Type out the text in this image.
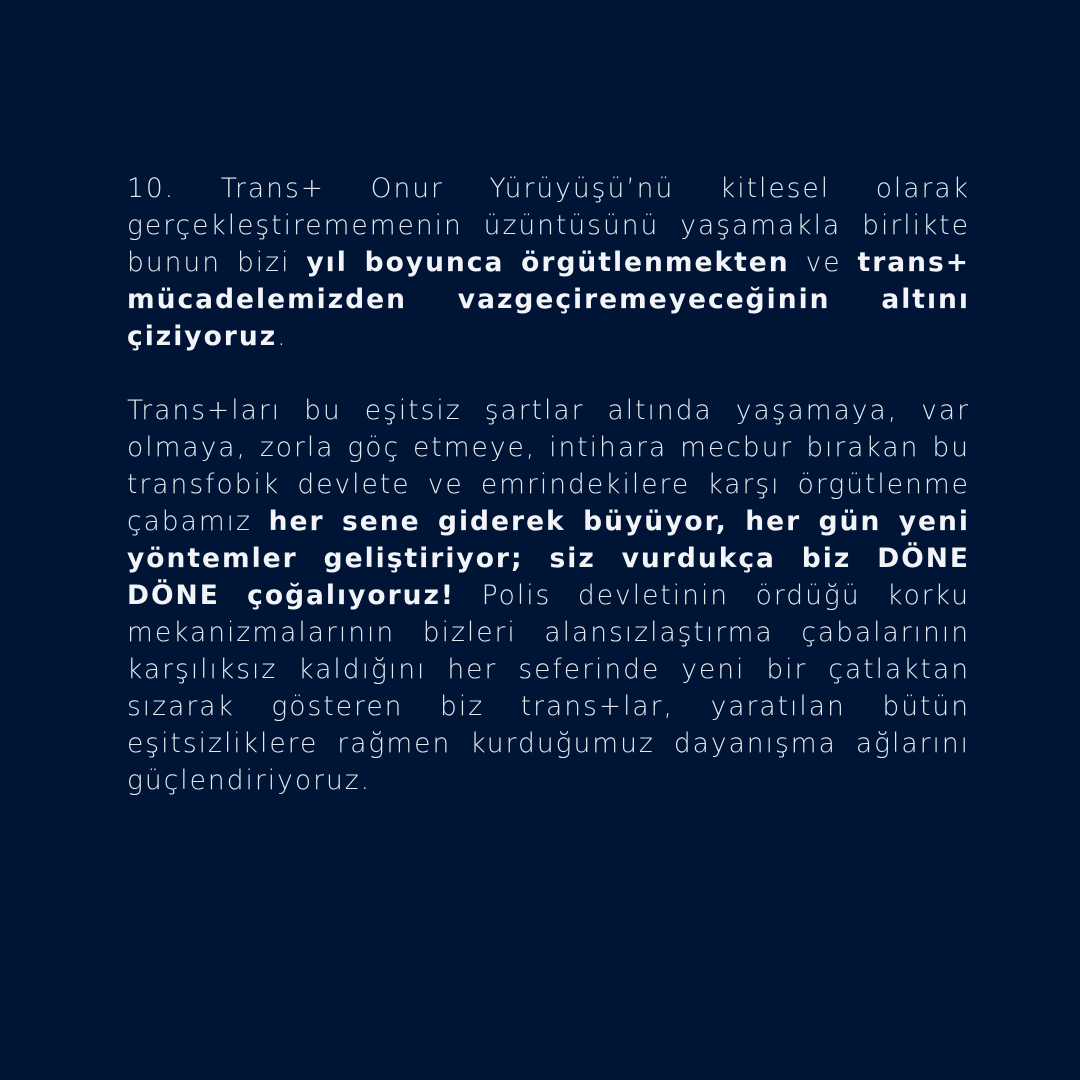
10. Trans+ Onur Yürüyüşü’nü kitlesel olarak gerçekleştirememenin üzüntüsünü yaşamakla birlikte bunun bizi yıl boyunca örgütlenmekten ve trans+ mücadelemizden vazgeçiremeyeceğinin altını çiziyoruz.

Trans+ları bu eşitsiz şartlar altında yaşamaya, var olmaya, zorla göç etmeye, intihara mecbur bırakan bu transfobik devlete ve emrindekilere karşı örgütlenme çabamız her sene giderek büyüyor, her gün yeni yöntemler geliştiriyor; siz vurdukça biz DÖNE DÖNE çoğalıyoruz! Polis devletinin ördüğü korku mekanizmalarının bizleri alansızlaştırma çabalarının karşılıksız kaldığını her seferinde yeni bir çatlaktan sızarak gösteren biz trans+lar, yaratılan bütün eşitsizliklere rağmen kurduğumuz dayanışma ağlarını güçlendiriyoruz.
